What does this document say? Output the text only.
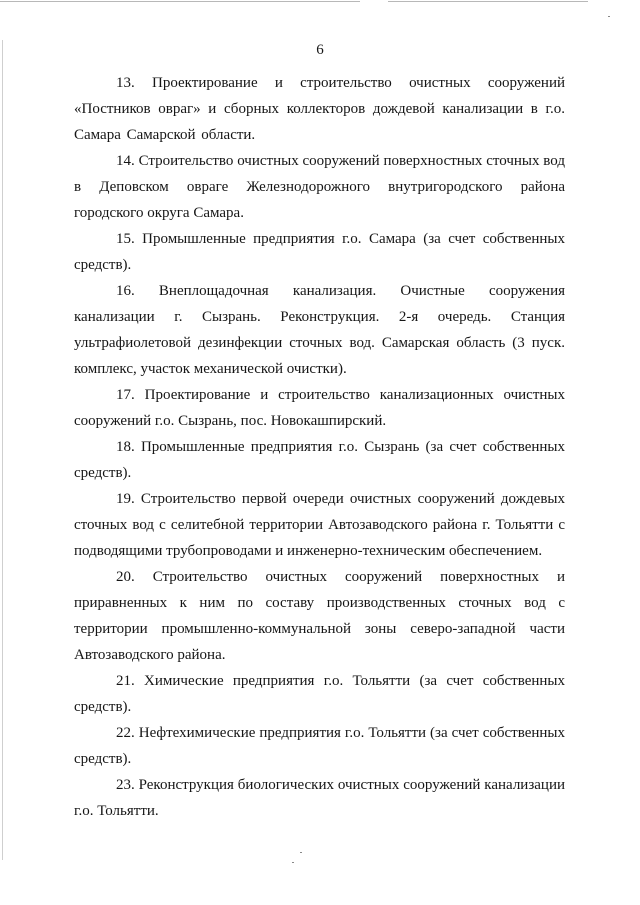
6

13. Проектирование и строительство очистных сооружений «Постников овраг» и сборных коллекторов дождевой канализации в г.о. Самара Самарской области.

14. Строительство очистных сооружений поверхностных сточных вод в Деповском овраге Железнодорожного внутригородского района городского округа Самара.

15. Промышленные предприятия г.о. Самара (за счет собственных средств).

16. Внеплощадочная канализация. Очистные сооружения канализации г. Сызрань. Реконструкция. 2-я очередь. Станция ультрафиолетовой дезинфекции сточных вод. Самарская область (3 пуск. комплекс, участок механической очистки).

17. Проектирование и строительство канализационных очистных сооружений г.о. Сызрань, пос. Новокашпирский.

18. Промышленные предприятия г.о. Сызрань (за счет собственных средств).

19. Строительство первой очереди очистных сооружений дождевых сточных вод с селитебной территории Автозаводского района г. Тольятти с подводящими трубопроводами и инженерно-техническим обеспечением.

20. Строительство очистных сооружений поверхностных и приравненных к ним по составу производственных сточных вод с территории промышленно-коммунальной зоны северо-западной части Автозаводского района.

21. Химические предприятия г.о. Тольятти (за счет собственных средств).

22. Нефтехимические предприятия г.о. Тольятти (за счет собственных средств).

23. Реконструкция биологических очистных сооружений канализации г.о. Тольятти.
